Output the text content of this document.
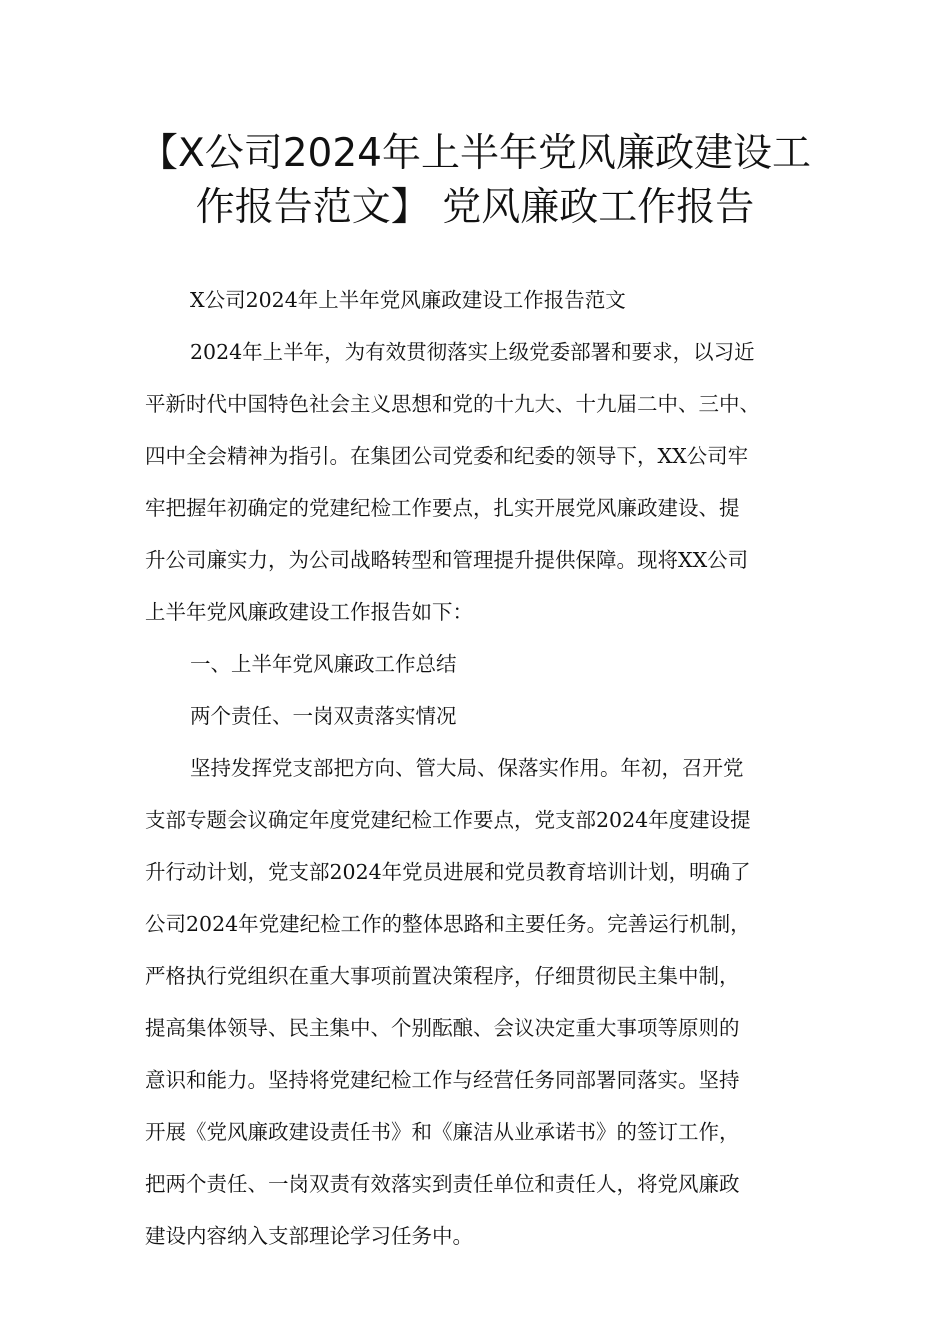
【X公司2024年上半年党风廉政建设工
作报告范文】 党风廉政工作报告

X公司2024年上半年党风廉政建设工作报告范文

2024年上半年，为有效贯彻落实上级党委部署和要求，以习近

平新时代中国特色社会主义思想和党的十九大、十九届二中、三中、

四中全会精神为指引。在集团公司党委和纪委的领导下，XX公司牢

牢把握年初确定的党建纪检工作要点，扎实开展党风廉政建设、提

升公司廉实力，为公司战略转型和管理提升提供保障。现将XX公司

上半年党风廉政建设工作报告如下：

一、上半年党风廉政工作总结

两个责任、一岗双责落实情况

坚持发挥党支部把方向、管大局、保落实作用。年初，召开党

支部专题会议确定年度党建纪检工作要点，党支部2024年度建设提

升行动计划，党支部2024年党员进展和党员教育培训计划，明确了

公司2024年党建纪检工作的整体思路和主要任务。完善运行机制，

严格执行党组织在重大事项前置决策程序，仔细贯彻民主集中制，

提高集体领导、民主集中、个别酝酿、会议决定重大事项等原则的

意识和能力。坚持将党建纪检工作与经营任务同部署同落实。坚持

开展《党风廉政建设责任书》和《廉洁从业承诺书》的签订工作，

把两个责任、一岗双责有效落实到责任单位和责任人，将党风廉政

建设内容纳入支部理论学习任务中。
